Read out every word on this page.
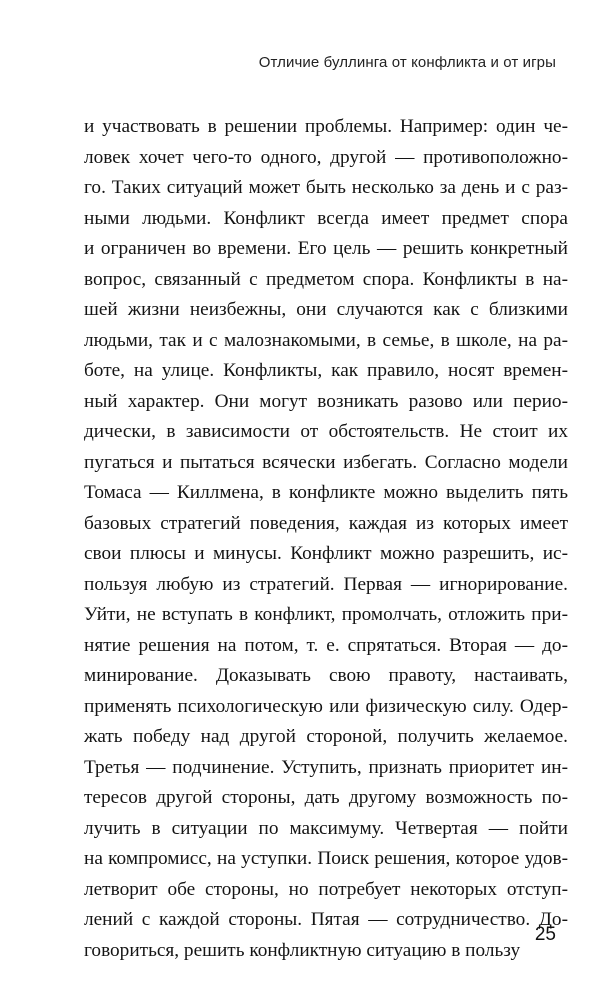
Отличие буллинга от конфликта и от игры
и участвовать в решении проблемы. Например: один че-
ловек хочет чего-то одного, другой — противоположно-
го. Таких ситуаций может быть несколько за день и с раз-
ными людьми. Конфликт всегда имеет предмет спора
и ограничен во времени. Его цель — решить конкретный
вопрос, связанный с предметом спора. Конфликты в на-
шей жизни неизбежны, они случаются как с близкими
людьми, так и с малознакомыми, в семье, в школе, на ра-
боте, на улице. Конфликты, как правило, носят времен-
ный характер. Они могут возникать разово или перио-
дически, в зависимости от обстоятельств. Не стоит их
пугаться и пытаться всячески избегать. Согласно модели
Томаса — Киллмена, в конфликте можно выделить пять
базовых стратегий поведения, каждая из которых имеет
свои плюсы и минусы. Конфликт можно разрешить, ис-
пользуя любую из стратегий. Первая — игнорирование.
Уйти, не вступать в конфликт, промолчать, отложить при-
нятие решения на потом, т. е. спрятаться. Вторая — до-
минирование. Доказывать свою правоту, настаивать,
применять психологическую или физическую силу. Одер-
жать победу над другой стороной, получить желаемое.
Третья — подчинение. Уступить, признать приоритет ин-
тересов другой стороны, дать другому возможность по-
лучить в ситуации по максимуму. Четвертая — пойти
на компромисс, на уступки. Поиск решения, которое удов-
летворит обе стороны, но потребует некоторых отступ-
лений с каждой стороны. Пятая — сотрудничество. До-
говориться, решить конфликтную ситуацию в пользу
25
